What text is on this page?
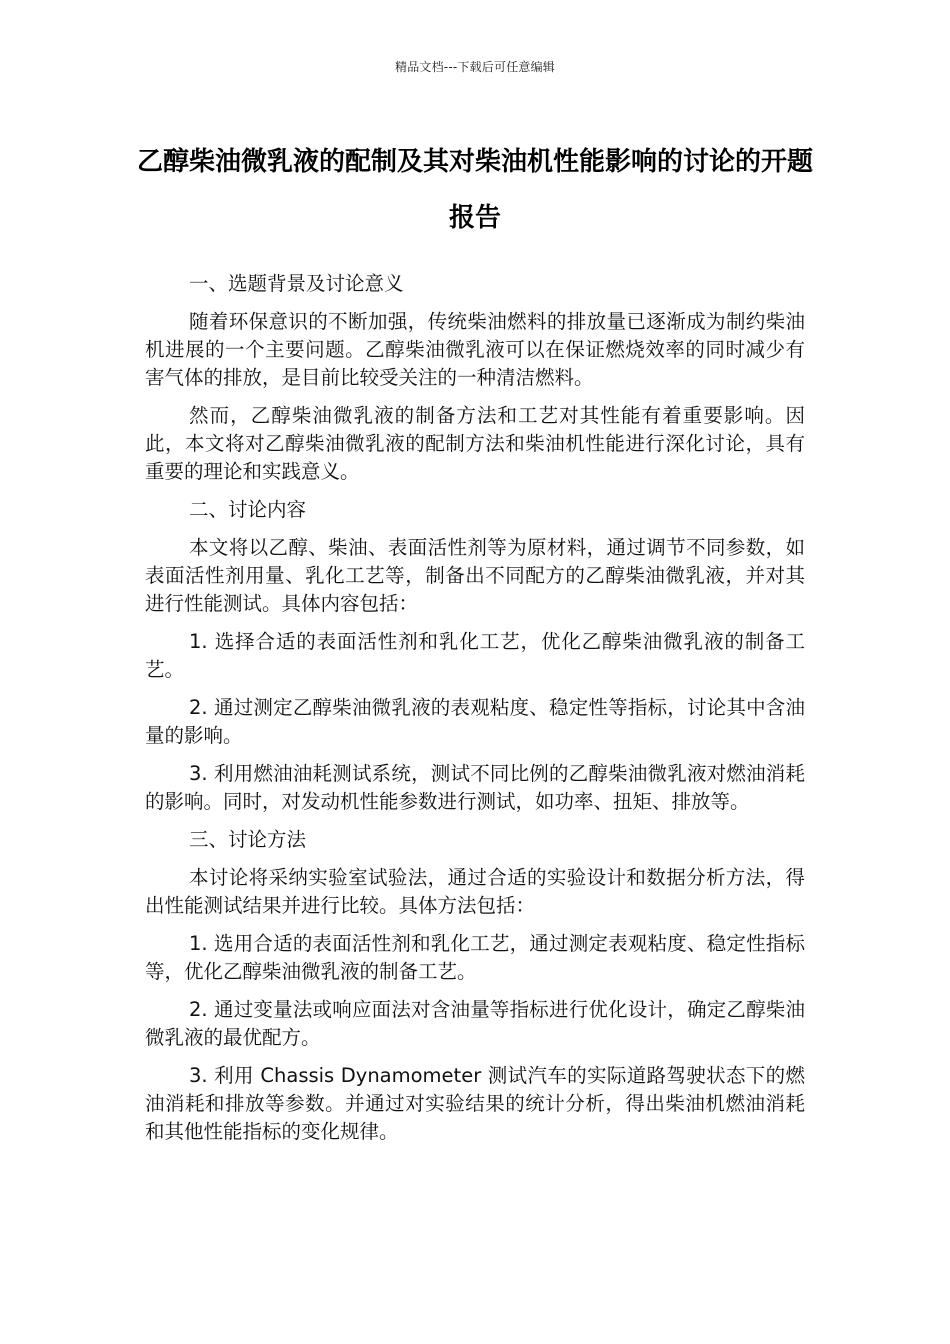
精品文档---下载后可任意编辑
乙醇柴油微乳液的配制及其对柴油机性能影响的讨论的开题报告

一、选题背景及讨论意义

随着环保意识的不断加强，传统柴油燃料的排放量已逐渐成为制约柴油机进展的一个主要问题。乙醇柴油微乳液可以在保证燃烧效率的同时减少有害气体的排放，是目前比较受关注的一种清洁燃料。

然而，乙醇柴油微乳液的制备方法和工艺对其性能有着重要影响。因此，本文将对乙醇柴油微乳液的配制方法和柴油机性能进行深化讨论，具有重要的理论和实践意义。

二、讨论内容

本文将以乙醇、柴油、表面活性剂等为原材料，通过调节不同参数，如表面活性剂用量、乳化工艺等，制备出不同配方的乙醇柴油微乳液，并对其进行性能测试。具体内容包括：

1. 选择合适的表面活性剂和乳化工艺，优化乙醇柴油微乳液的制备工艺。

2. 通过测定乙醇柴油微乳液的表观粘度、稳定性等指标，讨论其中含油量的影响。

3. 利用燃油油耗测试系统，测试不同比例的乙醇柴油微乳液对燃油消耗的影响。同时，对发动机性能参数进行测试，如功率、扭矩、排放等。

三、讨论方法

本讨论将采纳实验室试验法，通过合适的实验设计和数据分析方法，得出性能测试结果并进行比较。具体方法包括：

1. 选用合适的表面活性剂和乳化工艺，通过测定表观粘度、稳定性指标等，优化乙醇柴油微乳液的制备工艺。

2. 通过变量法或响应面法对含油量等指标进行优化设计，确定乙醇柴油微乳液的最优配方。

3. 利用 Chassis Dynamometer 测试汽车的实际道路驾驶状态下的燃油消耗和排放等参数。并通过对实验结果的统计分析，得出柴油机燃油消耗和其他性能指标的变化规律。
